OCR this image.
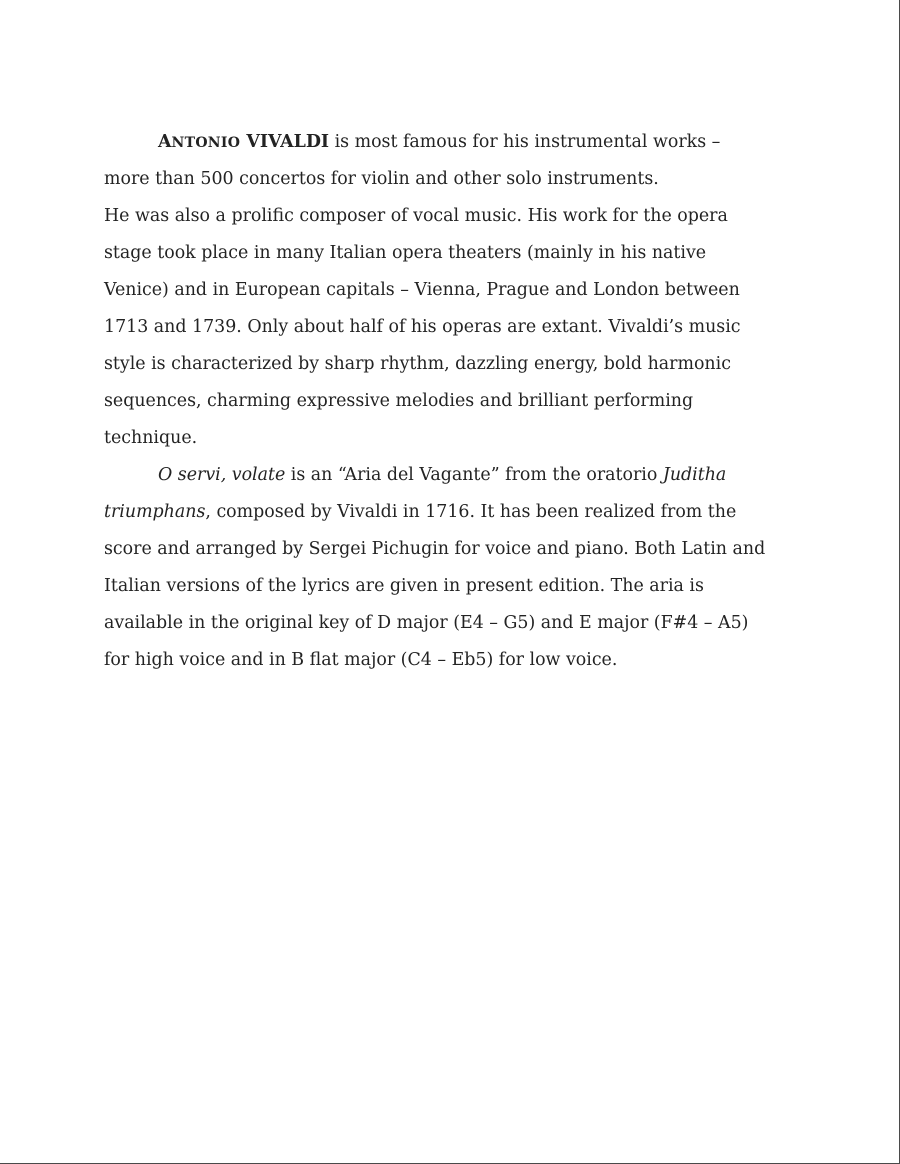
ANTONIO VIVALDI is most famous for his instrumental works –
more than 500 concertos for violin and other solo instruments.
He was also a prolific composer of vocal music. His work for the opera
stage took place in many Italian opera theaters (mainly in his native
Venice) and in European capitals – Vienna, Prague and London between
1713 and 1739. Only about half of his operas are extant. Vivaldi’s music
style is characterized by sharp rhythm, dazzling energy, bold harmonic
sequences, charming expressive melodies and brilliant performing
technique.
O servi, volate is an “Aria del Vagante” from the oratorio Juditha
triumphans, composed by Vivaldi in 1716. It has been realized from the
score and arranged by Sergei Pichugin for voice and piano. Both Latin and
Italian versions of the lyrics are given in present edition. The aria is
available in the original key of D major (E4 – G5) and E major (F#4 – A5)
for high voice and in B flat major (C4 – Eb5) for low voice.
